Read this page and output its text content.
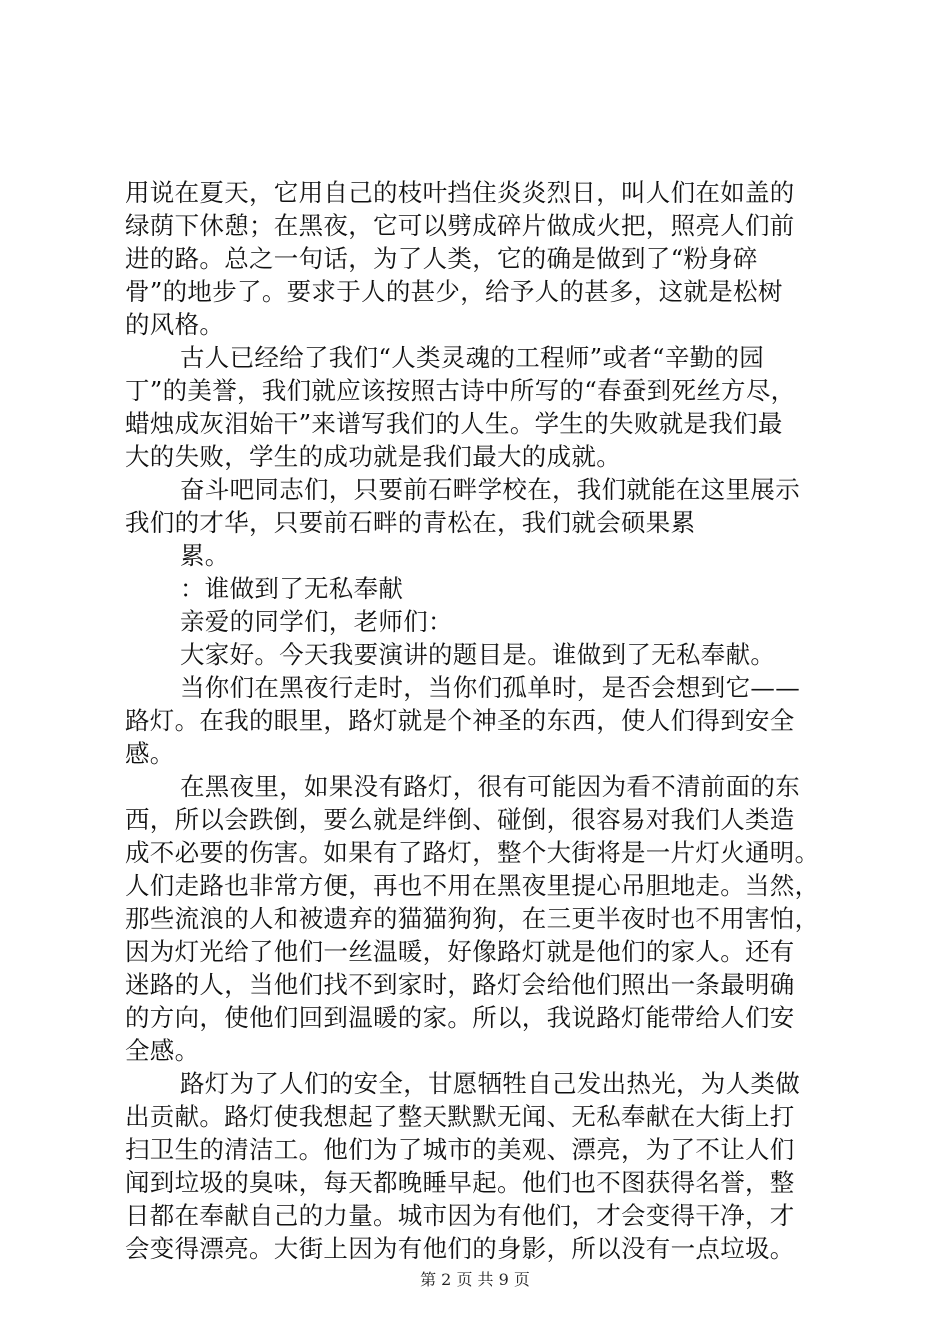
用说在夏天，它用自己的枝叶挡住炎炎烈日，叫人们在如盖的
绿荫下休憩；在黑夜，它可以劈成碎片做成火把，照亮人们前
进的路。总之一句话，为了人类，它的确是做到了“粉身碎
骨”的地步了。要求于人的甚少，给予人的甚多，这就是松树
的风格。
古人已经给了我们“人类灵魂的工程师”或者“辛勤的园
丁”的美誉，我们就应该按照古诗中所写的“春蚕到死丝方尽，
蜡烛成灰泪始干”来谱写我们的人生。学生的失败就是我们最
大的失败，学生的成功就是我们最大的成就。
奋斗吧同志们，只要前石畔学校在，我们就能在这里展示
我们的才华，只要前石畔的青松在，我们就会硕果累
累。
：谁做到了无私奉献
亲爱的同学们，老师们：
大家好。今天我要演讲的题目是。谁做到了无私奉献。
当你们在黑夜行走时，当你们孤单时，是否会想到它——
路灯。在我的眼里，路灯就是个神圣的东西，使人们得到安全
感。
在黑夜里，如果没有路灯，很有可能因为看不清前面的东
西，所以会跌倒，要么就是绊倒、碰倒，很容易对我们人类造
成不必要的伤害。如果有了路灯，整个大街将是一片灯火通明。
人们走路也非常方便，再也不用在黑夜里提心吊胆地走。当然，
那些流浪的人和被遗弃的猫猫狗狗，在三更半夜时也不用害怕，
因为灯光给了他们一丝温暖，好像路灯就是他们的家人。还有
迷路的人，当他们找不到家时，路灯会给他们照出一条最明确
的方向，使他们回到温暖的家。所以，我说路灯能带给人们安
全感。
路灯为了人们的安全，甘愿牺牲自己发出热光，为人类做
出贡献。路灯使我想起了整天默默无闻、无私奉献在大街上打
扫卫生的清洁工。他们为了城市的美观、漂亮，为了不让人们
闻到垃圾的臭味，每天都晚睡早起。他们也不图获得名誉，整
日都在奉献自己的力量。城市因为有他们，才会变得干净，才
会变得漂亮。大街上因为有他们的身影，所以没有一点垃圾。
第 2 页 共 9 页
